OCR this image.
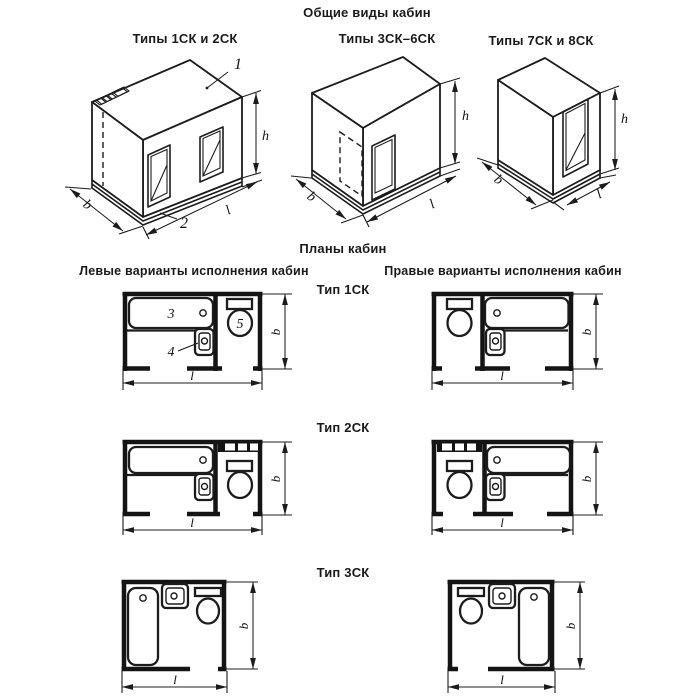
Общие виды кабин
Типы 1СК и 2СК	Типы 3СК–6СК	Типы 7СК и 8СК
Планы кабин
Левые варианты исполнения кабин	Правые варианты исполнения кабин
Тип 1СК
Тип 2СК
Тип 3СК
1
2
h
b	l
h
b	l
h
b
l
3
4
5 b
l
b
l
b
l
b
l
b
l
b
l
